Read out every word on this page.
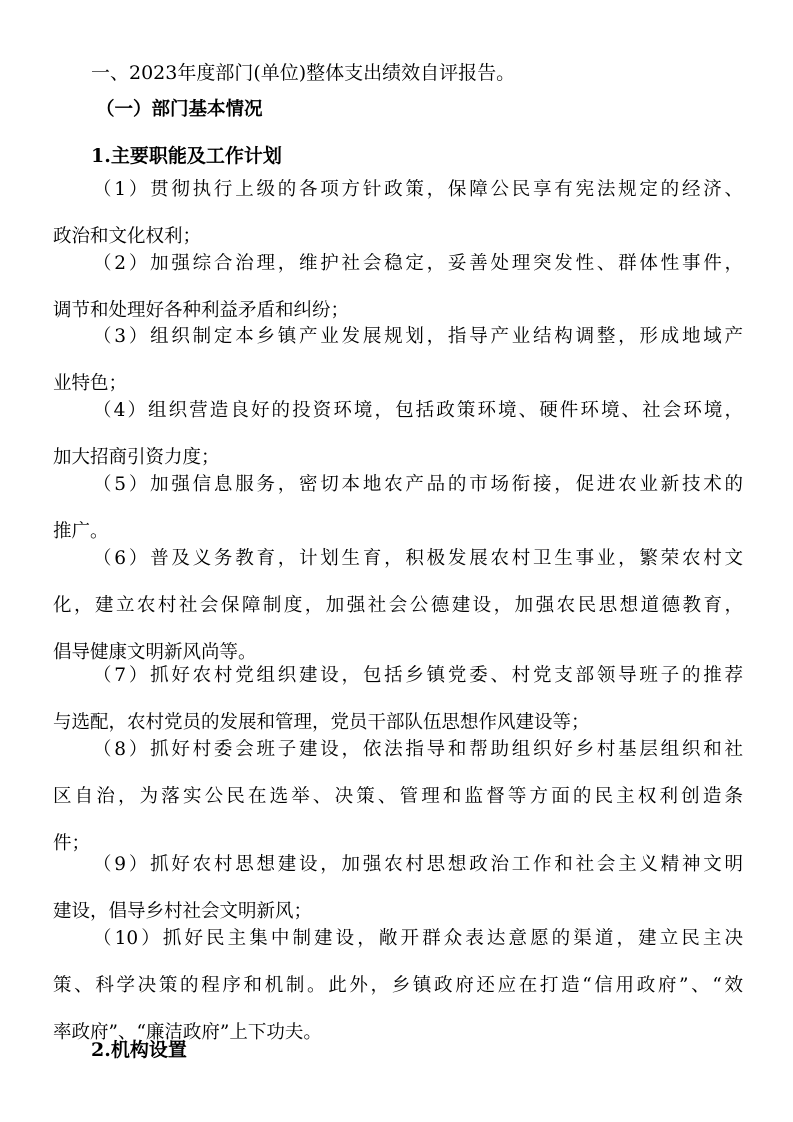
一、2023年度部门(单位)整体支出绩效自评报告。

（一）部门基本情况

1.主要职能及工作计划

（1）贯彻执行上级的各项方针政策，保障公民享有宪法规定的经济、
政治和文化权利；
（2）加强综合治理，维护社会稳定，妥善处理突发性、群体性事件，
调节和处理好各种利益矛盾和纠纷；
（3）组织制定本乡镇产业发展规划，指导产业结构调整，形成地域产
业特色；
（4）组织营造良好的投资环境，包括政策环境、硬件环境、社会环境，
加大招商引资力度；
（5）加强信息服务，密切本地农产品的市场衔接，促进农业新技术的
推广。
（6）普及义务教育，计划生育，积极发展农村卫生事业，繁荣农村文
化，建立农村社会保障制度，加强社会公德建设，加强农民思想道德教育，
倡导健康文明新风尚等。
（7）抓好农村党组织建设，包括乡镇党委、村党支部领导班子的推荐
与选配，农村党员的发展和管理，党员干部队伍思想作风建设等；
（8）抓好村委会班子建设，依法指导和帮助组织好乡村基层组织和社
区自治，为落实公民在选举、决策、管理和监督等方面的民主权利创造条
件；
（9）抓好农村思想建设，加强农村思想政治工作和社会主义精神文明
建设，倡导乡村社会文明新风；
（10）抓好民主集中制建设，敞开群众表达意愿的渠道，建立民主决
策、科学决策的程序和机制。此外，乡镇政府还应在打造“信用政府”、“效
率政府”、“廉洁政府”上下功夫。

2.机构设置
